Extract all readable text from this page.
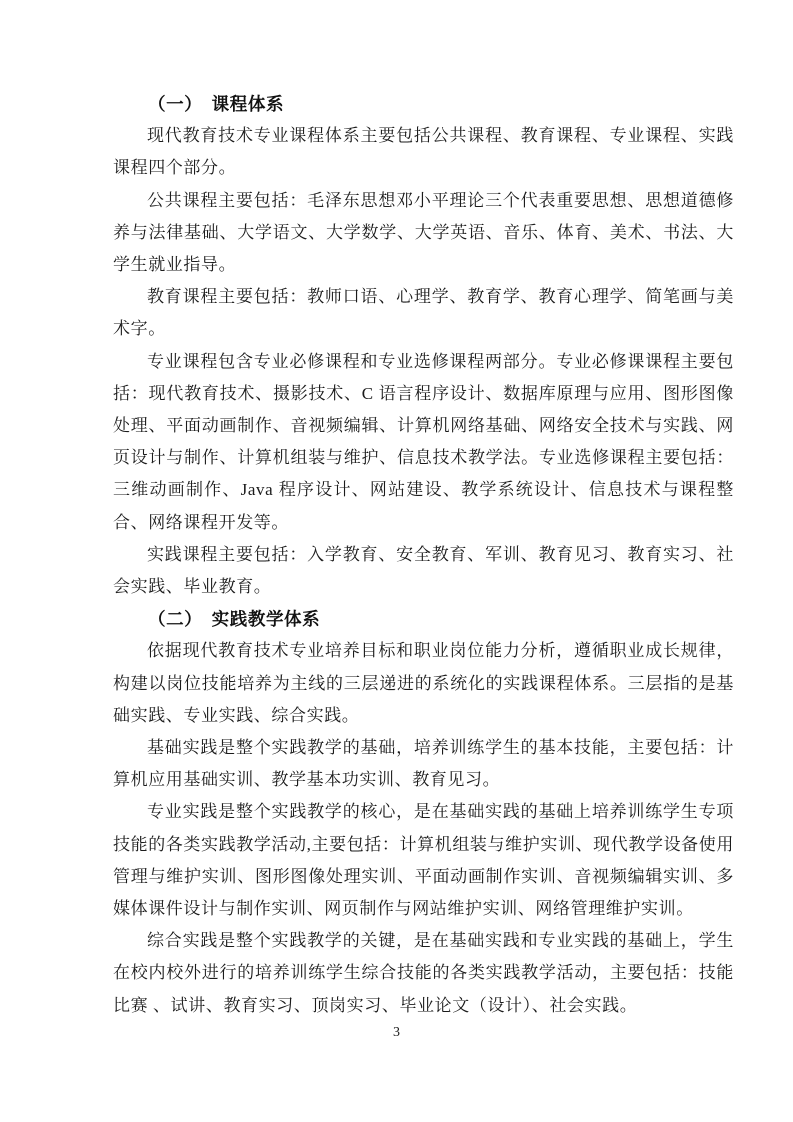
（一）　课程体系

现代教育技术专业课程体系主要包括公共课程、教育课程、专业课程、实践课程四个部分。

公共课程主要包括：毛泽东思想邓小平理论三个代表重要思想、思想道德修养与法律基础、大学语文、大学数学、大学英语、音乐、体育、美术、书法、大学生就业指导。

教育课程主要包括：教师口语、心理学、教育学、教育心理学、简笔画与美术字。

专业课程包含专业必修课程和专业选修课程两部分。专业必修课课程主要包括：现代教育技术、摄影技术、C 语言程序设计、数据库原理与应用、图形图像处理、平面动画制作、音视频编辑、计算机网络基础、网络安全技术与实践、网页设计与制作、计算机组装与维护、信息技术教学法。专业选修课程主要包括：三维动画制作、Java 程序设计、网站建设、教学系统设计、信息技术与课程整合、网络课程开发等。

实践课程主要包括：入学教育、安全教育、军训、教育见习、教育实习、社会实践、毕业教育。

（二）　实践教学体系

依据现代教育技术专业培养目标和职业岗位能力分析，遵循职业成长规律，构建以岗位技能培养为主线的三层递进的系统化的实践课程体系。三层指的是基础实践、专业实践、综合实践。

基础实践是整个实践教学的基础，培养训练学生的基本技能，主要包括：计算机应用基础实训、教学基本功实训、教育见习。

专业实践是整个实践教学的核心，是在基础实践的基础上培养训练学生专项技能的各类实践教学活动,主要包括：计算机组装与维护实训、现代教学设备使用管理与维护实训、图形图像处理实训、平面动画制作实训、音视频编辑实训、多媒体课件设计与制作实训、网页制作与网站维护实训、网络管理维护实训。

综合实践是整个实践教学的关键，是在基础实践和专业实践的基础上，学生在校内校外进行的培养训练学生综合技能的各类实践教学活动，主要包括：技能比赛 、试讲、教育实习、顶岗实习、毕业论文（设计）、社会实践。

3
